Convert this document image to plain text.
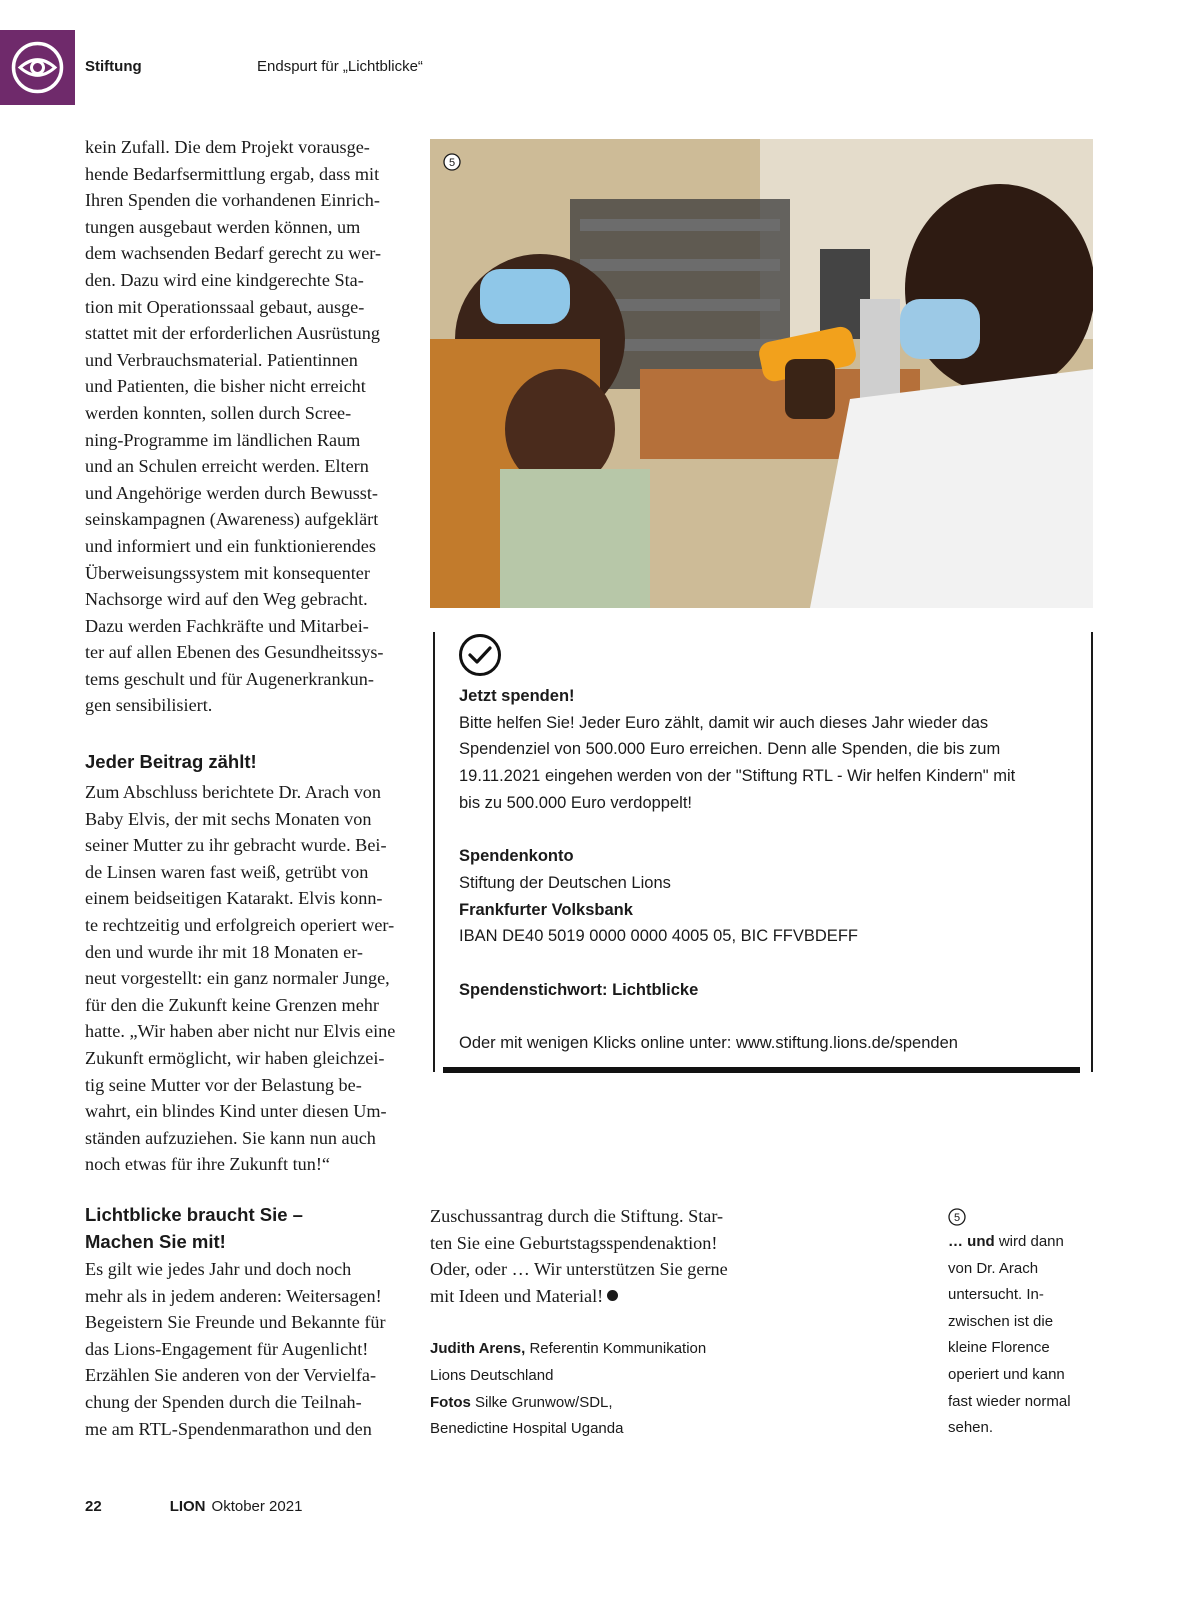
Stiftung	Endspurt für „Lichtblicke“

kein Zufall. Die dem Projekt vorausge-

hende Bedarfsermittlung ergab, dass mit

Ihren Spenden die vorhandenen Einrich-

tungen ausgebaut werden können, um

dem wachsenden Bedarf gerecht zu wer-

den. Dazu wird eine kindgerechte Sta-

tion mit Operationssaal gebaut, ausge-

stattet mit der erforderlichen Ausrüstung

und Verbrauchsmaterial. Patientinnen

und Patienten, die bisher nicht erreicht

werden konnten, sollen durch Scree-

ning-Programme im ländlichen Raum

und an Schulen erreicht werden. Eltern

und Angehörige werden durch Bewusst-

seinskampagnen (Awareness) aufgeklärt

und informiert und ein funktionierendes

Überweisungssystem mit konsequenter

Nachsorge wird auf den Weg gebracht.

Dazu werden Fachkräfte und Mitarbei-

ter auf allen Ebenen des Gesundheitssys-

tems geschult und für Augenerkrankun-

gen sensibilisiert.

Jeder Beitrag zählt!

Zum Abschluss berichtete Dr. Arach von

Baby Elvis, der mit sechs Monaten von

seiner Mutter zu ihr gebracht wurde. Bei-

de Linsen waren fast weiß, getrübt von

einem beidseitigen Katarakt. Elvis konn-

te rechtzeitig und erfolgreich operiert wer-

den und wurde ihr mit 18 Monaten er-

neut vorgestellt: ein ganz normaler Junge,

für den die Zukunft keine Grenzen mehr

hatte. „Wir haben aber nicht nur Elvis eine

Zukunft ermöglicht, wir haben gleichzei-

tig seine Mutter vor der Belastung be-

wahrt, ein blindes Kind unter diesen Um-

ständen aufzuziehen. Sie kann nun auch

noch etwas für ihre Zukunft tun!“

Lichtblicke braucht Sie –
Machen Sie mit!

Es gilt wie jedes Jahr und doch noch

mehr als in jedem anderen: Weitersagen!

Begeistern Sie Freunde und Bekannte für

das Lions-Engagement für Augenlicht!

Erzählen Sie anderen von der Vervielfa-

chung der Spenden durch die Teilnah-

me am RTL-Spendenmarathon und den

Zuschussantrag durch die Stiftung. Star-

ten Sie eine Geburtstagsspendenaktion!

Oder, oder … Wir unterstützen Sie gerne

mit Ideen und Material!

5

Jetzt spenden!

Bitte helfen Sie! Jeder Euro zählt, damit wir auch dieses Jahr wieder das

Spendenziel von 500.000 Euro erreichen. Denn alle Spenden, die bis zum

19.11.2021 eingehen werden von der "Stiftung RTL - Wir helfen Kindern" mit

bis zu 500.000 Euro verdoppelt!

Spendenkonto

Stiftung der Deutschen Lions

Frankfurter Volksbank

IBAN DE40 5019 0000 0000 4005 05, BIC FFVBDEFF

Spendenstichwort: Lichtblicke

Oder mit wenigen Klicks online unter: www.stiftung.lions.de/spenden

Judith Arens, Referentin Kommunikation

Lions Deutschland

Fotos Silke Grunwow/SDL,

Benedictine Hospital Uganda

5
… und wird dann
von Dr. Arach
untersucht. In-
zwischen ist die
kleine Florence
operiert und kann
fast wieder normal
sehen.
22	LION Oktober 2021
